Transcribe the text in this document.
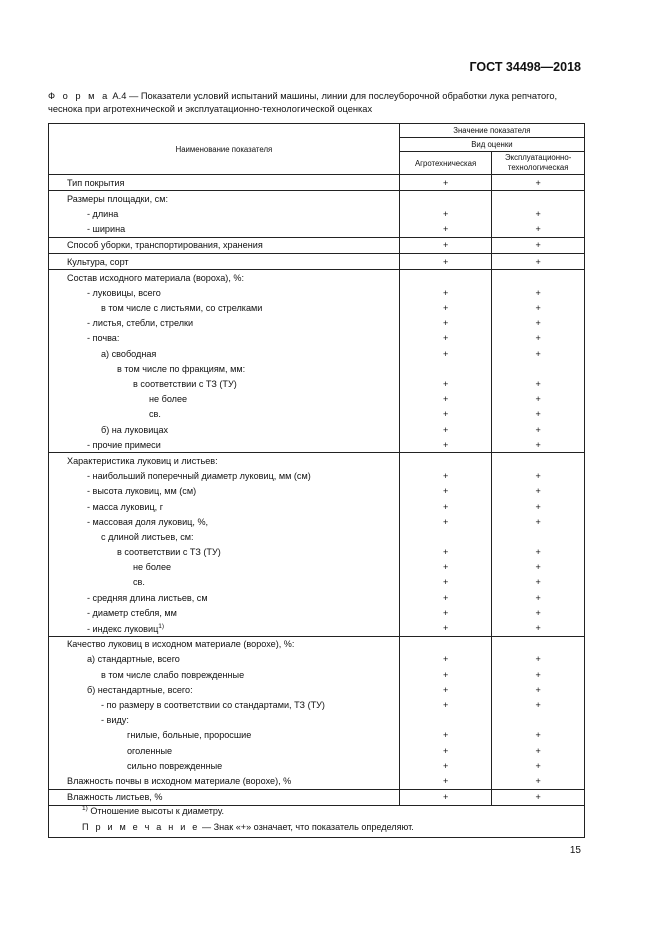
ГОСТ 34498—2018
Ф о р м а А.4 — Показатели условий испытаний машины, линии для послеуборочной обработки лука репчатого,
чеснока при агротехнической и эксплуатационно-технологической оценках
Наименование показателя	Значение показателя	
	Вид оценки	
	Агротехническая	Эксплуатационно-
технологическая
Тип покрытия	+	+
Размеры площадки, см:		
- длина	+	+
- ширина	+	+
Способ уборки, транспортирования, хранения	+	+
Культура, сорт	+	+
Состав исходного материала (вороха), %:		
- луковицы, всего	+	+
в том числе с листьями, со стрелками	+	+
- листья, стебли, стрелки	+	+
- почва:	+	+
а) свободная	+	+
в том числе по фракциям, мм:		
в соответствии с ТЗ (ТУ)	+	+
не более	+	+
св.	+	+
б) на луковицах	+	+
- прочие примеси	+	+
Характеристика луковиц и листьев:		
- наибольший поперечный диаметр луковиц, мм (см)	+	+
- высота луковиц, мм (см)	+	+
- масса луковиц, г	+	+
- массовая доля луковиц, %,	+	+
с длиной листьев, см:		
в соответствии с ТЗ (ТУ)	+	+
не более	+	+
св.	+	+
- средняя длина листьев, см	+	+
- диаметр стебля, мм	+	+
- индекс луковиц$^{1)}$	+	+
Качество луковиц в исходном материале (ворохе), %:		
а) стандартные, всего	+	+
в том числе слабо поврежденные	+	+
б) нестандартные, всего:	+	+
- по размеру в соответствии со стандартами, ТЗ (ТУ)	+	+
- виду:		
гнилые, больные, проросшие	+	+
оголенные	+	+
сильно поврежденные	+	+
Влажность почвы в исходном материале (ворохе), %	+	+
Влажность листьев, %	+	+
$^{1)}$ Отношение высоты к диаметру.
П р и м е ч а н и е — Знак «+» означает, что показатель определяют.
15
